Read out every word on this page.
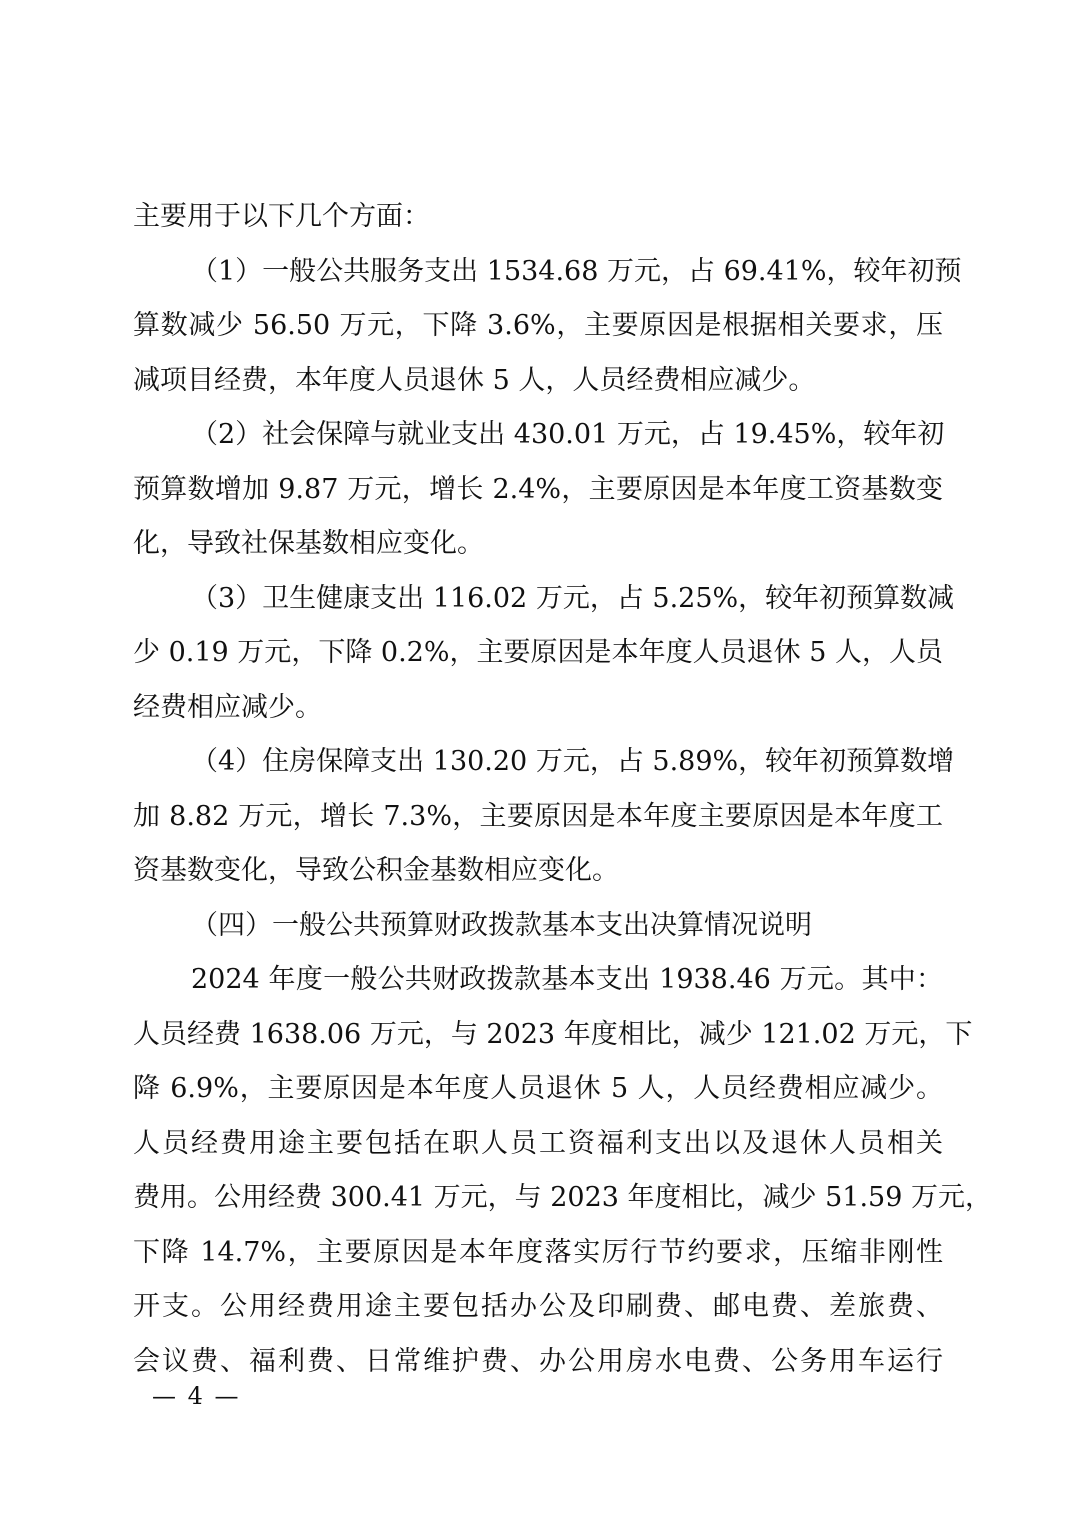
主要用于以下几个方面：
（1）一般公共服务支出 1534.68 万元，占 69.41%，较年初预
算数减少 56.50 万元，下降 3.6%，主要原因是根据相关要求，压
减项目经费，本年度人员退休 5 人，人员经费相应减少。
（2）社会保障与就业支出 430.01 万元，占 19.45%，较年初
预算数增加 9.87 万元，增长 2.4%，主要原因是本年度工资基数变
化，导致社保基数相应变化。
（3）卫生健康支出 116.02 万元，占 5.25%，较年初预算数减
少 0.19 万元，下降 0.2%，主要原因是本年度人员退休 5 人，人员
经费相应减少。
（4）住房保障支出 130.20 万元，占 5.89%，较年初预算数增
加 8.82 万元，增长 7.3%，主要原因是本年度主要原因是本年度工
资基数变化，导致公积金基数相应变化。
（四）一般公共预算财政拨款基本支出决算情况说明
2024 年度一般公共财政拨款基本支出 1938.46 万元。其中：
人员经费 1638.06 万元，与 2023 年度相比，减少 121.02 万元，下
降 6.9%，主要原因是本年度人员退休 5 人，人员经费相应减少。
人员经费用途主要包括在职人员工资福利支出以及退休人员相关
费用。公用经费 300.41 万元，与 2023 年度相比，减少 51.59 万元，
下降 14.7%，主要原因是本年度落实厉行节约要求，压缩非刚性
开支。公用经费用途主要包括办公及印刷费、邮电费、差旅费、
会议费、福利费、日常维护费、办公用房水电费、公务用车运行
— 4 —
